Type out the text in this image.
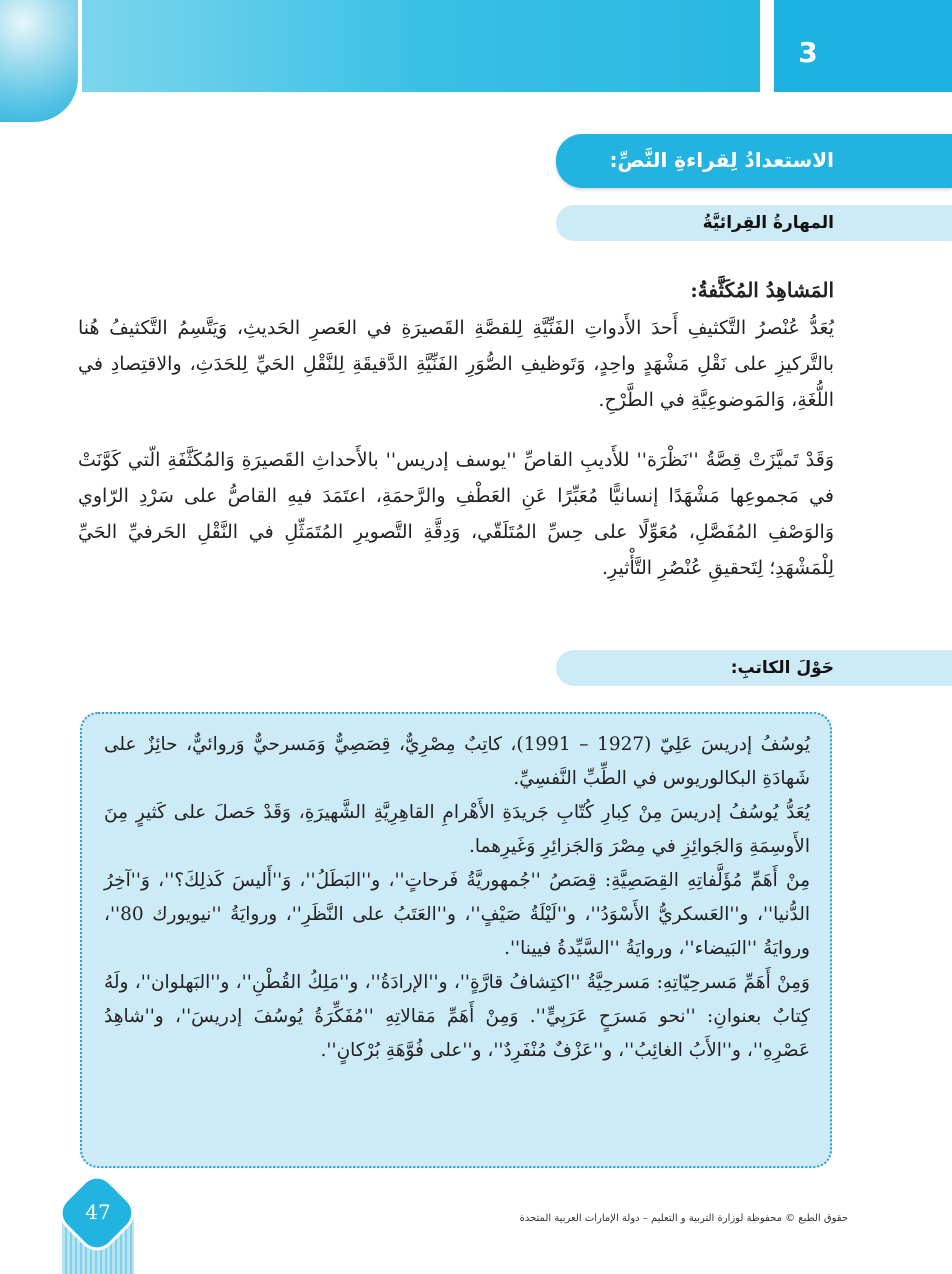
3
الاستعدادُ لِقراءةِ النَّصِّ:
المهارةُ القِرائيَّةُ
المَشاهِدُ المُكَثَّفةُ:

يُعَدُّ عُنْصرُ التَّكثيفِ أَحدَ الأَدواتِ الفَنِّيَّةِ لِلقصَّةِ القَصيرَةِ في العَصرِ الحَديثِ، وَيَتَّسِمُ التَّكثيفُ هُنا بالتَّركيزِ على نَقْلِ مَشْهَدٍ واحِدٍ، وَتَوظيفِ الصُّوَرِ الفَنِّيَّةِ الدَّقيقَةِ لِلنَّقْلِ الحَيِّ لِلحَدَثِ، والاقتِصادِ في اللُّغَةِ، وَالمَوضوعِيَّةِ في الطَّرْحِ.

وَقَدْ تَميَّزَتْ قِصَّةُ ''نَظْرَة'' للأَديبِ القاصِّ ''يوسف إدريس'' بالأَحداثِ القَصيرَةِ وَالمُكَثَّفَةِ الّتي كَوَّنَتْ في مَجموعِها مَشْهَدًا إنسانيًّا مُعَبِّرًا عَنِ العَطْفِ والرَّحمَةِ، اعتَمَدَ فيهِ القاصُّ على سَرْدِ الرّاوي وَالوَصْفِ المُفَصَّلِ، مُعَوِّلًا على حِسِّ المُتَلَقّي، وَدِقَّةِ التَّصويرِ المُتَمَثِّلِ في النَّقْلِ الحَرفيِّ الحَيِّ لِلْمَشْهَدِ؛ لِتَحقيقِ عُنْصُرِ التَّأْثيرِ.

حَوْلَ الكاتبِ:

يُوسُفُ إدريسَ عَلِيّ (1927 – 1991)، كاتِبٌ مِصْرِيٌّ، قِصَصِيٌّ وَمَسرحيٌّ وَروائيٌّ، حائِزٌ على شَهادَةِ البكالوريوس في الطِّبِّ النَّفسِيِّ.

يُعَدُّ يُوسُفُ إدريسَ مِنْ كِبارِ كُتّابِ جَريدَةِ الأَهْرامِ القاهِرِيَّةِ الشَّهيرَةِ، وَقَدْ حَصلَ على كَثيرٍ مِنَ الأَوسِمَةِ وَالجَوائِزِ في مِصْرَ وَالجَزائِرِ وَغَيرِهما.

مِنْ أَهَمِّ مُؤَلَّفاتِهِ القِصَصِيَّةِ: قِصَصُ ''جُمهوريَّةُ فَرحاتٍ''، و''البَطَلُ''، وَ''أَليسَ كَذلِكَ؟''، وَ''آخِرُ الدُّنيا''، و''العَسكريُّ الأَسْوَدُ''، و''لَيْلَةُ صَيْفٍ''، و''العَتَبُ على النَّظَرِ''، وروايَةُ ''نيويورك 80''، وروايَةُ ''البَيضاء''، وروايَةُ ''السَّيِّدةُ فيينا''.

وَمِنْ أَهَمِّ مَسرحِيّاتِهِ: مَسرحِيَّةُ ''اكتِشافُ قارَّةٍ''، و''الإرادَةُ''، و''مَلِكُ القُطْنِ''، و''البَهلوان''، ولَهُ كِتابٌ بعنوانِ: ''نحو مَسرَحٍ عَرَبِيٍّ''. وَمِنْ أَهَمِّ مَقالاتِهِ ''مُفَكِّرَةُ يُوسُفَ إدريسَ''، و''شاهِدُ عَصْرِهِ''، و''الأَبُ الغائِبُ''، و''عَزْفٌ مُنْفَرِدٌ''، و''على فُوَّهَةِ بُرْكانٍ''.

47	حقوق الطبع © محفوظة لوزارة التربية و التعليم – دولة الإمارات العربية المتحدة
